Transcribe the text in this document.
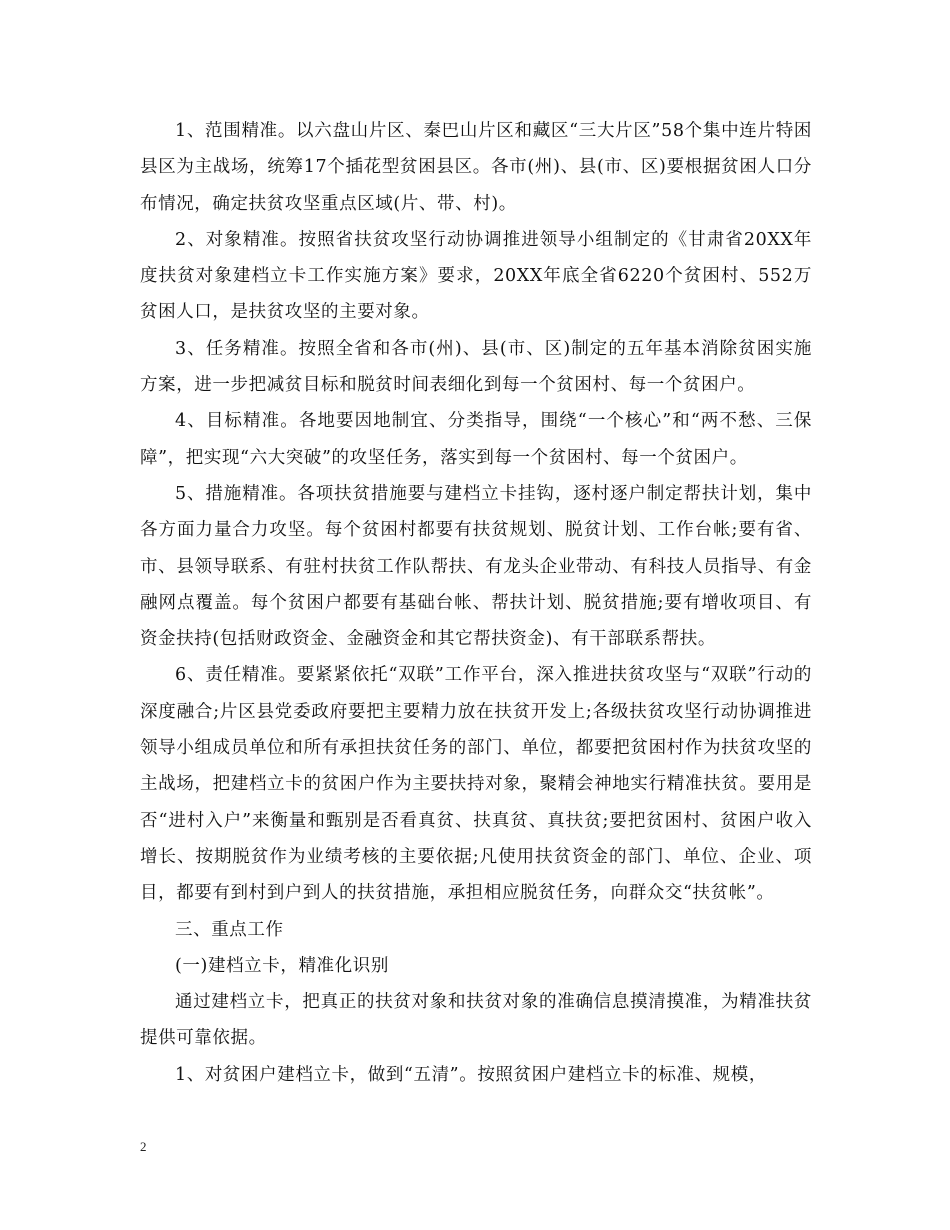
1、范围精准。以六盘山片区、秦巴山片区和藏区“三大片区”58个集中连片特困县区为主战场，统筹17个插花型贫困县区。各市(州)、县(市、区)要根据贫困人口分布情况，确定扶贫攻坚重点区域(片、带、村)。

2、对象精准。按照省扶贫攻坚行动协调推进领导小组制定的《甘肃省20XX年度扶贫对象建档立卡工作实施方案》要求，20XX年底全省6220个贫困村、552万贫困人口，是扶贫攻坚的主要对象。

3、任务精准。按照全省和各市(州)、县(市、区)制定的五年基本消除贫困实施方案，进一步把减贫目标和脱贫时间表细化到每一个贫困村、每一个贫困户。

4、目标精准。各地要因地制宜、分类指导，围绕“一个核心”和“两不愁、三保障”，把实现“六大突破”的攻坚任务，落实到每一个贫困村、每一个贫困户。

5、措施精准。各项扶贫措施要与建档立卡挂钩，逐村逐户制定帮扶计划，集中各方面力量合力攻坚。每个贫困村都要有扶贫规划、脱贫计划、工作台帐;要有省、市、县领导联系、有驻村扶贫工作队帮扶、有龙头企业带动、有科技人员指导、有金融网点覆盖。每个贫困户都要有基础台帐、帮扶计划、脱贫措施;要有增收项目、有资金扶持(包括财政资金、金融资金和其它帮扶资金)、有干部联系帮扶。

6、责任精准。要紧紧依托“双联”工作平台，深入推进扶贫攻坚与“双联”行动的深度融合;片区县党委政府要把主要精力放在扶贫开发上;各级扶贫攻坚行动协调推进领导小组成员单位和所有承担扶贫任务的部门、单位，都要把贫困村作为扶贫攻坚的主战场，把建档立卡的贫困户作为主要扶持对象，聚精会神地实行精准扶贫。要用是否“进村入户”来衡量和甄别是否看真贫、扶真贫、真扶贫;要把贫困村、贫困户收入增长、按期脱贫作为业绩考核的主要依据;凡使用扶贫资金的部门、单位、企业、项目，都要有到村到户到人的扶贫措施，承担相应脱贫任务，向群众交“扶贫帐”。

三、重点工作

(一)建档立卡，精准化识别

通过建档立卡，把真正的扶贫对象和扶贫对象的准确信息摸清摸准，为精准扶贫提供可靠依据。

1、对贫困户建档立卡，做到“五清”。按照贫困户建档立卡的标准、规模，

2
